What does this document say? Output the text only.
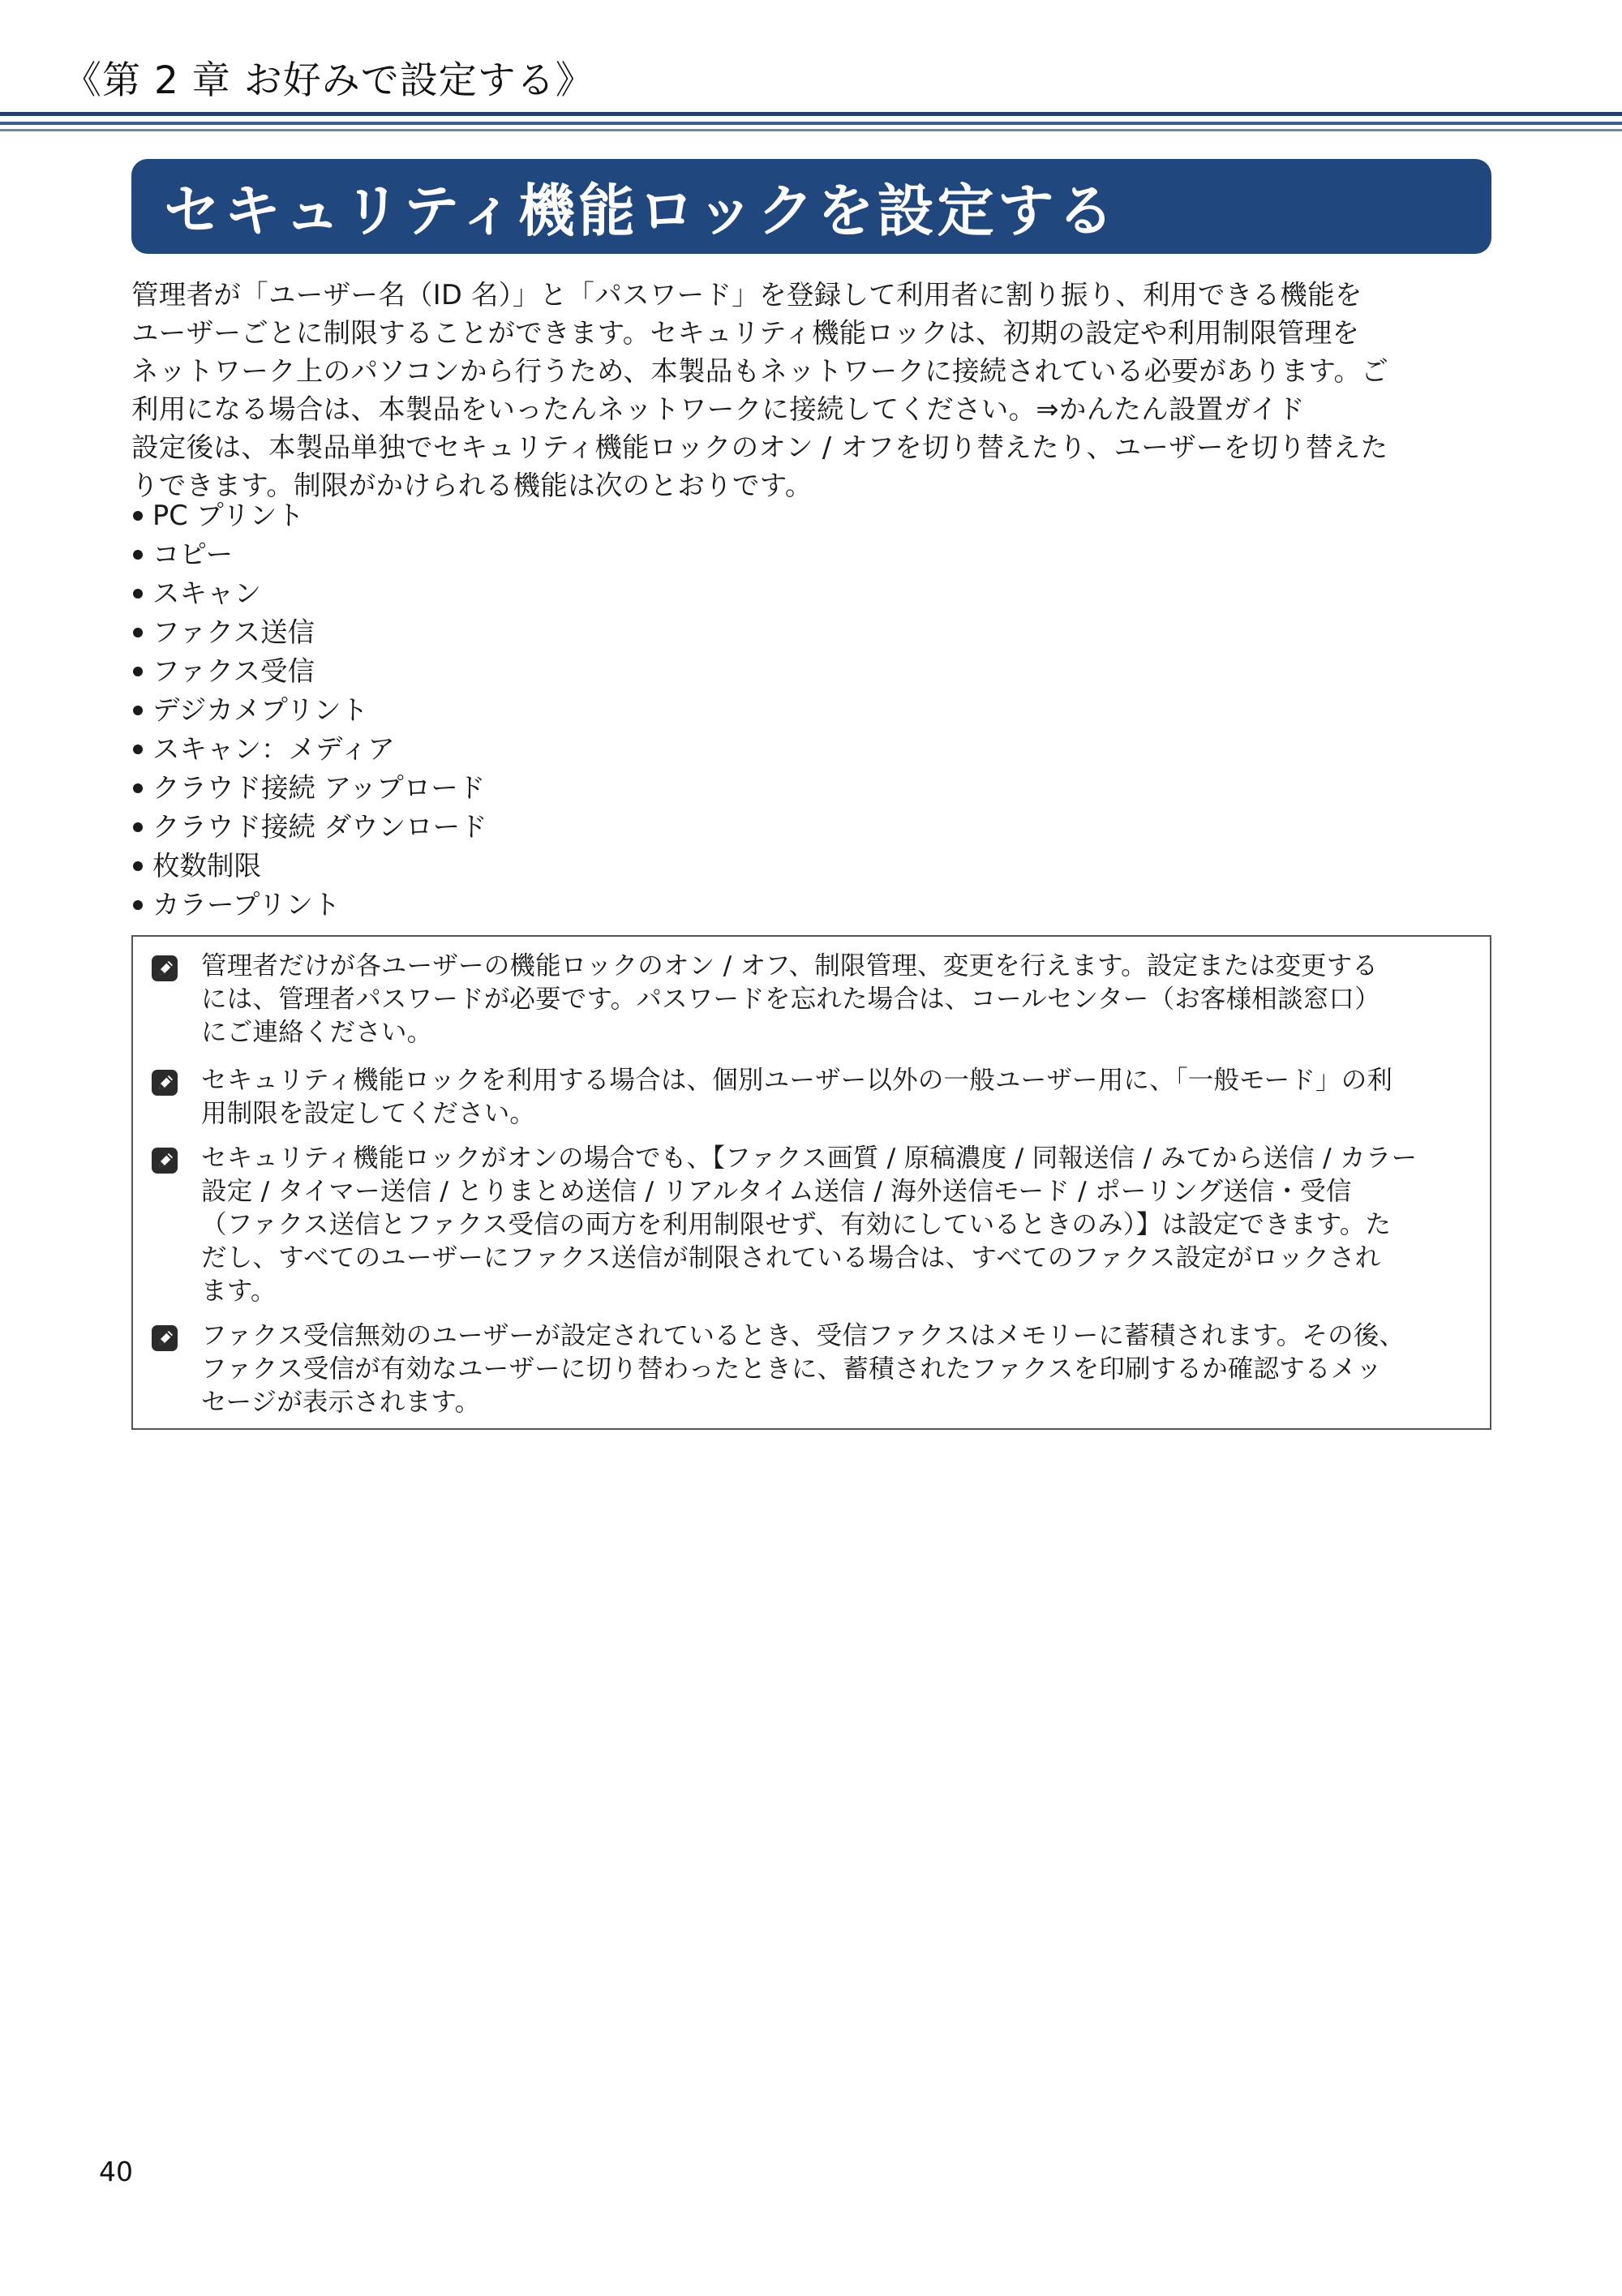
《第 2 章 お好みで設定する》
セキュリティ機能ロックを設定する

管理者が「ユーザー名（ID 名）」と「パスワード」を登録して利用者に割り振り、利用できる機能を

ユーザーごとに制限することができます。セキュリティ機能ロックは、初期の設定や利用制限管理を

ネットワーク上のパソコンから行うため、本製品もネットワークに接続されている必要があります。ご

利用になる場合は、本製品をいったんネットワークに接続してください。⇒かんたん設置ガイド

設定後は、本製品単独でセキュリティ機能ロックのオン / オフを切り替えたり、ユーザーを切り替えた

りできます。制限がかけられる機能は次のとおりです。

PC プリント
コピー
スキャン
ファクス送信
ファクス受信
デジカメプリント
スキャン：メディア
クラウド接続 アップロード
クラウド接続 ダウンロード
枚数制限
カラープリント

管理者だけが各ユーザーの機能ロックのオン / オフ、制限管理、変更を行えます。設定または変更する

には、管理者パスワードが必要です。パスワードを忘れた場合は、コールセンター（お客様相談窓口）

にご連絡ください。

セキュリティ機能ロックを利用する場合は、個別ユーザー以外の一般ユーザー用に、「一般モード」の利

用制限を設定してください。

セキュリティ機能ロックがオンの場合でも、【ファクス画質 / 原稿濃度 / 同報送信 / みてから送信 / カラー

設定 / タイマー送信 / とりまとめ送信 / リアルタイム送信 / 海外送信モード / ポーリング送信・受信

（ファクス送信とファクス受信の両方を利用制限せず、有効にしているときのみ）】は設定できます。た

だし、すべてのユーザーにファクス送信が制限されている場合は、すべてのファクス設定がロックされ

ます。

ファクス受信無効のユーザーが設定されているとき、受信ファクスはメモリーに蓄積されます。その後、

ファクス受信が有効なユーザーに切り替わったときに、蓄積されたファクスを印刷するか確認するメッ

セージが表示されます。

40
